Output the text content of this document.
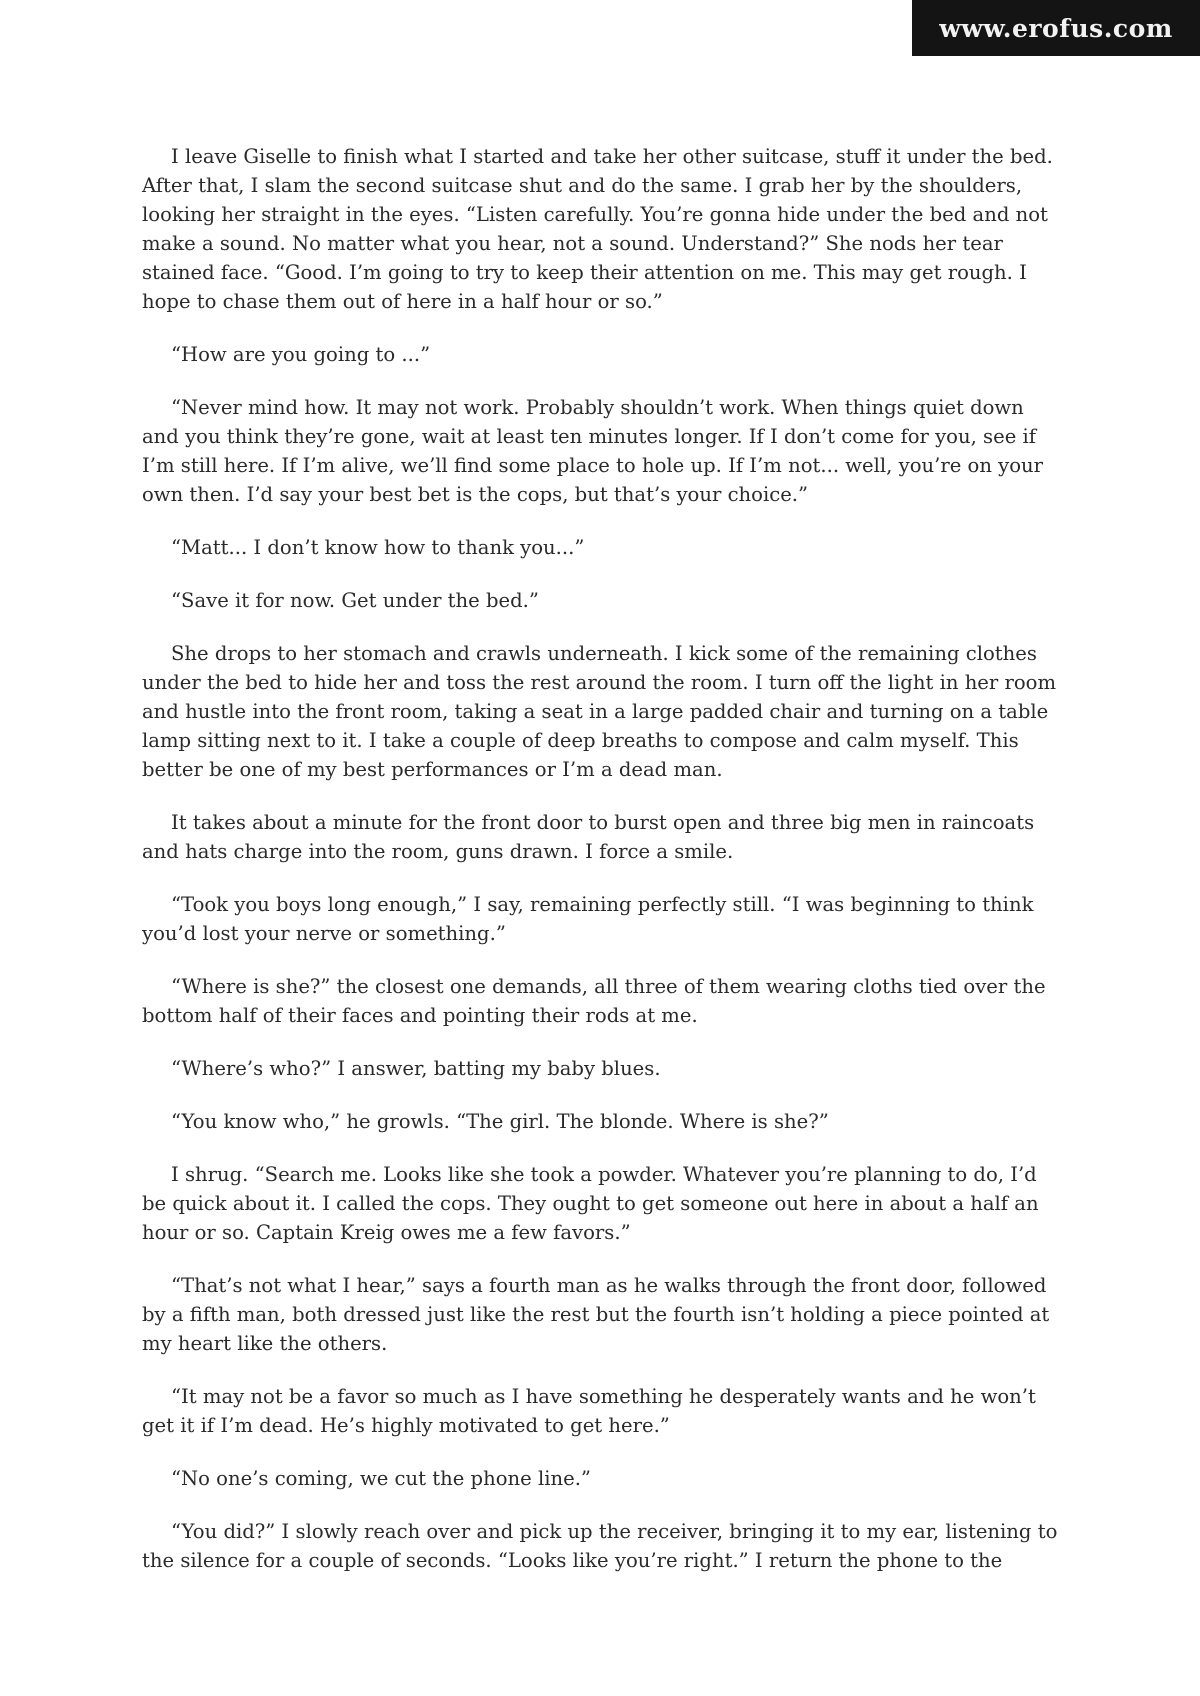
www.erofus.com

I leave Giselle to finish what I started and take her other suitcase, stuff it under the bed. After that, I slam the second suitcase shut and do the same. I grab her by the shoulders, looking her straight in the eyes. “Listen carefully. You’re gonna hide under the bed and not make a sound. No matter what you hear, not a sound. Understand?” She nods her tear stained face. “Good. I’m going to try to keep their attention on me. This may get rough. I hope to chase them out of here in a half hour or so.”

“How are you going to ...”

“Never mind how. It may not work. Probably shouldn’t work. When things quiet down and you think they’re gone, wait at least ten minutes longer. If I don’t come for you, see if I’m still here. If I’m alive, we’ll find some place to hole up. If I’m not... well, you’re on your own then. I’d say your best bet is the cops, but that’s your choice.”

“Matt... I don’t know how to thank you...”

“Save it for now. Get under the bed.”

She drops to her stomach and crawls underneath. I kick some of the remaining clothes under the bed to hide her and toss the rest around the room. I turn off the light in her room and hustle into the front room, taking a seat in a large padded chair and turning on a table lamp sitting next to it. I take a couple of deep breaths to compose and calm myself. This better be one of my best performances or I’m a dead man.

It takes about a minute for the front door to burst open and three big men in raincoats and hats charge into the room, guns drawn. I force a smile.

“Took you boys long enough,” I say, remaining perfectly still. “I was beginning to think you’d lost your nerve or something.”

“Where is she?” the closest one demands, all three of them wearing cloths tied over the bottom half of their faces and pointing their rods at me.

“Where’s who?” I answer, batting my baby blues.

“You know who,” he growls. “The girl. The blonde. Where is she?”

I shrug. “Search me. Looks like she took a powder. Whatever you’re planning to do, I’d be quick about it. I called the cops. They ought to get someone out here in about a half an hour or so. Captain Kreig owes me a few favors.”

“That’s not what I hear,” says a fourth man as he walks through the front door, followed by a fifth man, both dressed just like the rest but the fourth isn’t holding a piece pointed at my heart like the others.

“It may not be a favor so much as I have something he desperately wants and he won’t get it if I’m dead. He’s highly motivated to get here.”

“No one’s coming, we cut the phone line.”

“You did?” I slowly reach over and pick up the receiver, bringing it to my ear, listening to the silence for a couple of seconds. “Looks like you’re right.” I return the phone to the
